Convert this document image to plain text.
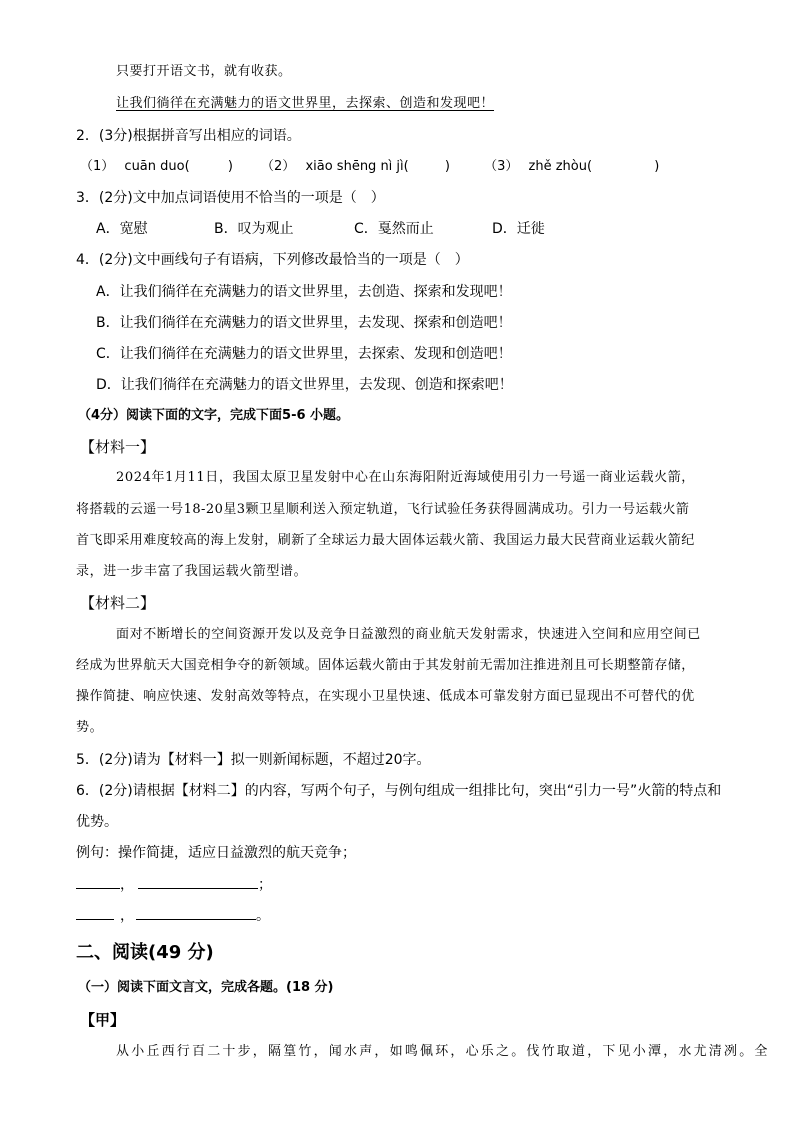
只要打开语文书，就有收获。
让我们徜徉在充满魅力的语文世界里，去探索、创造和发现吧！
2．(3分)根据拼音写出相应的词语。
（1） cuān duo(	) （2） xiāo shēng nì jì(	)	（3） zhě zhòu(	)
3．(2分)文中加点词语使用不恰当的一项是（　）
A．宽慰	B．叹为观止	C．戛然而止	D．迁徙
4．(2分)文中画线句子有语病，下列修改最恰当的一项是（　）
A．让我们徜徉在充满魅力的语文世界里，去创造、探索和发现吧！
B．让我们徜徉在充满魅力的语文世界里，去发现、探索和创造吧！
C．让我们徜徉在充满魅力的语文世界里，去探索、发现和创造吧！
D．让我们徜徉在充满魅力的语文世界里，去发现、创造和探索吧！
（4分）阅读下面的文字，完成下面5-6 小题。
【材料一】
2024年1月11日，我国太原卫星发射中心在山东海阳附近海域使用引力一号遥一商业运载火箭，
将搭载的云遥一号18-20星3颗卫星顺利送入预定轨道，飞行试验任务获得圆满成功。引力一号运载火箭
首飞即采用难度较高的海上发射，刷新了全球运力最大固体运载火箭、我国运力最大民营商业运载火箭纪
录，进一步丰富了我国运载火箭型谱。
【材料二】
面对不断增长的空间资源开发以及竞争日益激烈的商业航天发射需求，快速进入空间和应用空间已
经成为世界航天大国竞相争夺的新领域。固体运载火箭由于其发射前无需加注推进剂且可长期整箭存储，
操作简捷、响应快速、发射高效等特点，在实现小卫星快速、低成本可靠发射方面已显现出不可替代的优
势。
5．(2分)请为【材料一】拟一则新闻标题，不超过20字。
6．(2分)请根据【材料二】的内容，写两个句子，与例句组成一组排比句，突出“引力一号”火箭的特点和
优势。
例句：操作简捷，适应日益激烈的航天竞争；
，	；
，	。
二、阅读(49 分)
（一）阅读下面文言文，完成各题。(18 分)
【甲】
从小丘西行百二十步，隔篁竹，闻水声，如鸣佩环，心乐之。伐竹取道，下见小潭，水尤清冽。全
